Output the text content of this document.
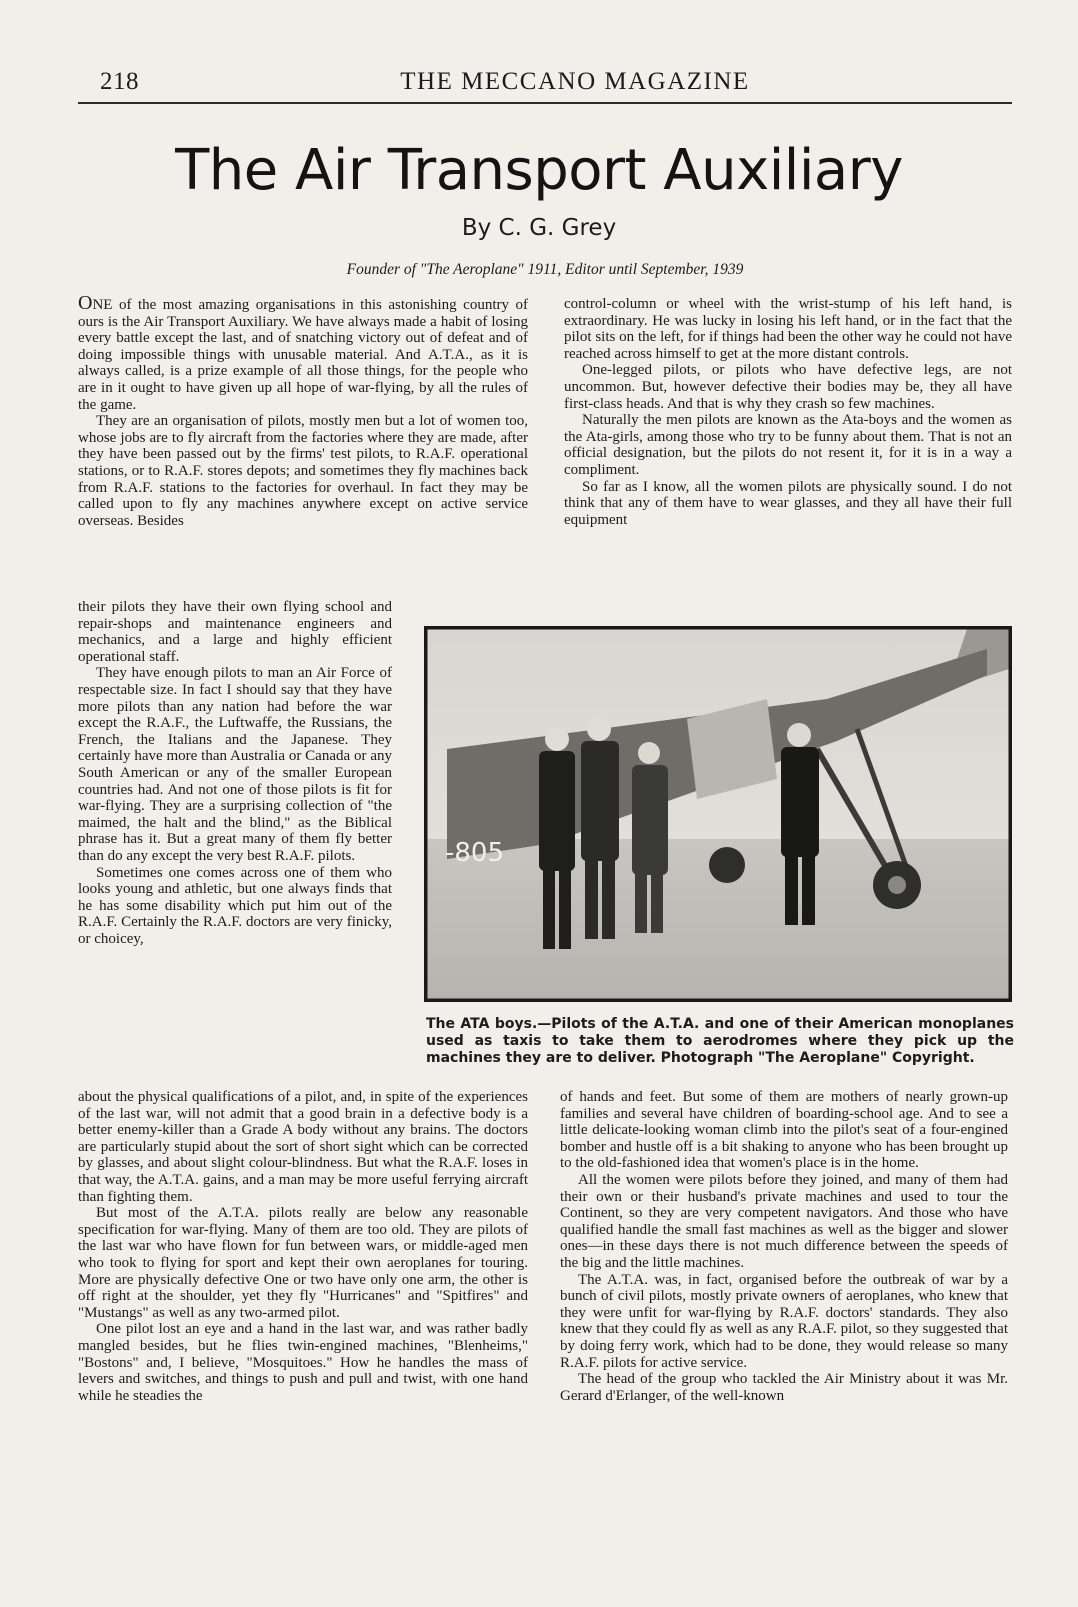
218	THE MECCANO MAGAZINE
The Air Transport Auxiliary
By C. G. Grey
Founder of "The Aeroplane" 1911, Editor until September, 1939

ONE of the most amazing organisations in this astonishing country of ours is the Air Transport Auxiliary. We have always made a habit of losing every battle except the last, and of snatching victory out of defeat and of doing impossible things with unusable material. And A.T.A., as it is always called, is a prize example of all those things, for the people who are in it ought to have given up all hope of war-flying, by all the rules of the game.

They are an organisation of pilots, mostly men but a lot of women too, whose jobs are to fly aircraft from the factories where they are made, after they have been passed out by the firms' test pilots, to R.A.F. operational stations, or to R.A.F. stores depots; and sometimes they fly machines back from R.A.F. stations to the factories for overhaul. In fact they may be called upon to fly any machines anywhere except on active service overseas. Besides

control-column or wheel with the wrist-stump of his left hand, is extraordinary. He was lucky in losing his left hand, or in the fact that the pilot sits on the left, for if things had been the other way he could not have reached across himself to get at the more distant controls.

One-legged pilots, or pilots who have defective legs, are not uncommon. But, however defective their bodies may be, they all have first-class heads. And that is why they crash so few machines.

Naturally the men pilots are known as the Ata-boys and the women as the Ata-girls, among those who try to be funny about them. That is not an official designation, but the pilots do not resent it, for it is in a way a compliment.

So far as I know, all the women pilots are physically sound. I do not think that any of them have to wear glasses, and they all have their full equipment

their pilots they have their own flying school and repair-shops and maintenance engineers and mechanics, and a large and highly efficient operational staff.

They have enough pilots to man an Air Force of respectable size. In fact I should say that they have more pilots than any nation had before the war except the R.A.F., the Luftwaffe, the Russians, the French, the Italians and the Japanese. They certainly have more than Australia or Canada or any South American or any of the smaller European countries had. And not one of those pilots is fit for war-flying. They are a surprising collection of "the maimed, the halt and the blind," as the Biblical phrase has it. But a great many of them fly better than do any except the very best R.A.F. pilots.

Sometimes one comes across one of them who looks young and athletic, but one always finds that he has some disability which put him out of the R.A.F. Certainly the R.A.F. doctors are very finicky, or choicey,

-805
The ATA boys.—Pilots of the A.T.A. and one of their American monoplanes used as taxis to take them to aerodromes where they pick up the machines they are to deliver. Photograph "The Aeroplane" Copyright.

about the physical qualifications of a pilot, and, in spite of the experiences of the last war, will not admit that a good brain in a defective body is a better enemy-killer than a Grade A body without any brains. The doctors are particularly stupid about the sort of short sight which can be corrected by glasses, and about slight colour-blindness. But what the R.A.F. loses in that way, the A.T.A. gains, and a man may be more useful ferrying aircraft than fighting them.

But most of the A.T.A. pilots really are below any reasonable specification for war-flying. Many of them are too old. They are pilots of the last war who have flown for fun between wars, or middle-aged men who took to flying for sport and kept their own aeroplanes for touring. More are physically defective One or two have only one arm, the other is off right at the shoulder, yet they fly "Hurricanes" and "Spitfires" and "Mustangs" as well as any two-armed pilot.

One pilot lost an eye and a hand in the last war, and was rather badly mangled besides, but he flies twin-engined machines, "Blenheims," "Bostons" and, I believe, "Mosquitoes." How he handles the mass of levers and switches, and things to push and pull and twist, with one hand while he steadies the

of hands and feet. But some of them are mothers of nearly grown-up families and several have children of boarding-school age. And to see a little delicate-looking woman climb into the pilot's seat of a four-engined bomber and hustle off is a bit shaking to anyone who has been brought up to the old-fashioned idea that women's place is in the home.

All the women were pilots before they joined, and many of them had their own or their husband's private machines and used to tour the Continent, so they are very competent navigators. And those who have qualified handle the small fast machines as well as the bigger and slower ones—in these days there is not much difference between the speeds of the big and the little machines.

The A.T.A. was, in fact, organised before the outbreak of war by a bunch of civil pilots, mostly private owners of aeroplanes, who knew that they were unfit for war-flying by R.A.F. doctors' standards. They also knew that they could fly as well as any R.A.F. pilot, so they suggested that by doing ferry work, which had to be done, they would release so many R.A.F. pilots for active service.

The head of the group who tackled the Air Ministry about it was Mr. Gerard d'Erlanger, of the well-known
